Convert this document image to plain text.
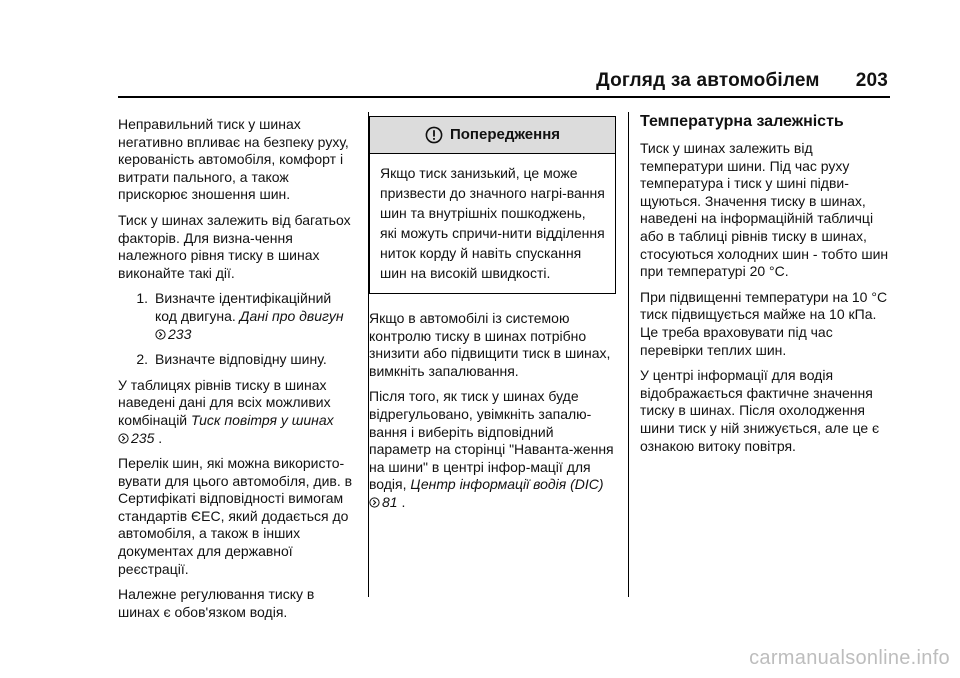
Догляд за автомобілем 203

Неправильний тиск у шинах негативно впливає на безпеку руху, керованість автомобіля, комфорт і витрати пального, а також прискорює зношення шин.

Тиск у шинах залежить від багатьох факторів. Для визна-чення належного рівня тиску в шинах виконайте такі дії.

1. Визначте ідентифікаційний код двигуна. Дані про двигун

233
2. Визначте відповідну шину.

У таблицях рівнів тиску в шинах наведені дані для всіх можливих комбінацій Тиск повітря у шинах

235 .

Перелік шин, які можна використо-вувати для цього автомобіля, див. в Сертифікаті відповідності вимогам стандартів ЄЕС, який додається до автомобіля, а також в інших документах для державної реєстрації.

Належне регулювання тиску в шинах є обов'язком водія.

Попередження
Якщо тиск занизький, це може призвести до значного нагрі-вання шин та внутрішніх пошкоджень, які можуть спричи-нити відділення ниток корду й навіть спускання шин на високій швидкості.

Якщо в автомобілі із системою контролю тиску в шинах потрібно знизити або підвищити тиск в шинах, вимкніть запалювання.

Після того, як тиск у шинах буде відрегульовано, увімкніть запалю-вання і виберіть відповідний параметр на сторінці "Наванта-ження на шини" в центрі інфор-мації для водія, Центр інформації водія (DIC)
81 .

Температурна залежність

Тиск у шинах залежить від температури шини. Під час руху температура і тиск у шині підви-щуються. Значення тиску в шинах, наведені на інформаційній табличці або в таблиці рівнів тиску в шинах, стосуються холодних шин - тобто шин при температурі 20 °C.

При підвищенні температури на 10 °C тиск підвищується майже на 10 кПа. Це треба враховувати під час перевірки теплих шин.

У центрі інформації для водія відображається фактичне значення тиску в шинах. Після охолодження шини тиск у ній знижується, але це є ознакою витоку повітря.

carmanualsonline.info
